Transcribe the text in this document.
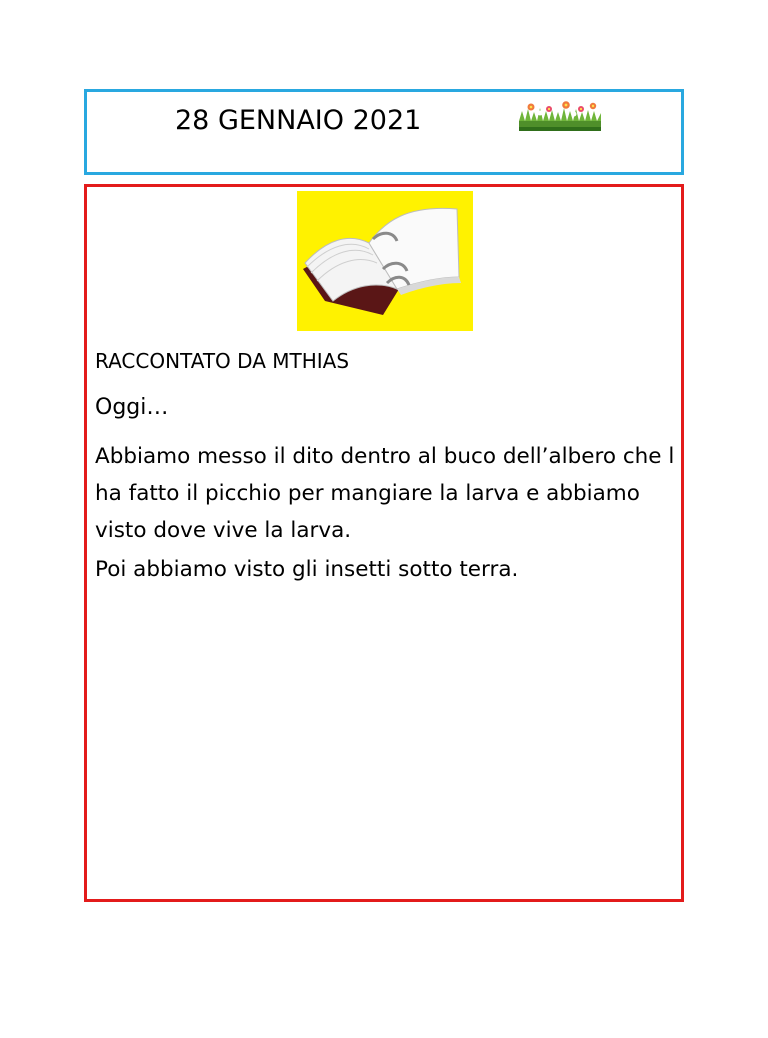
28 GENNAIO 2021
RACCONTATO DA MTHIAS
Oggi…
Abbiamo messo il dito dentro al buco dell’albero che l ha fatto il picchio per mangiare la larva e abbiamo visto dove vive la larva.
Poi abbiamo visto gli insetti sotto terra.
